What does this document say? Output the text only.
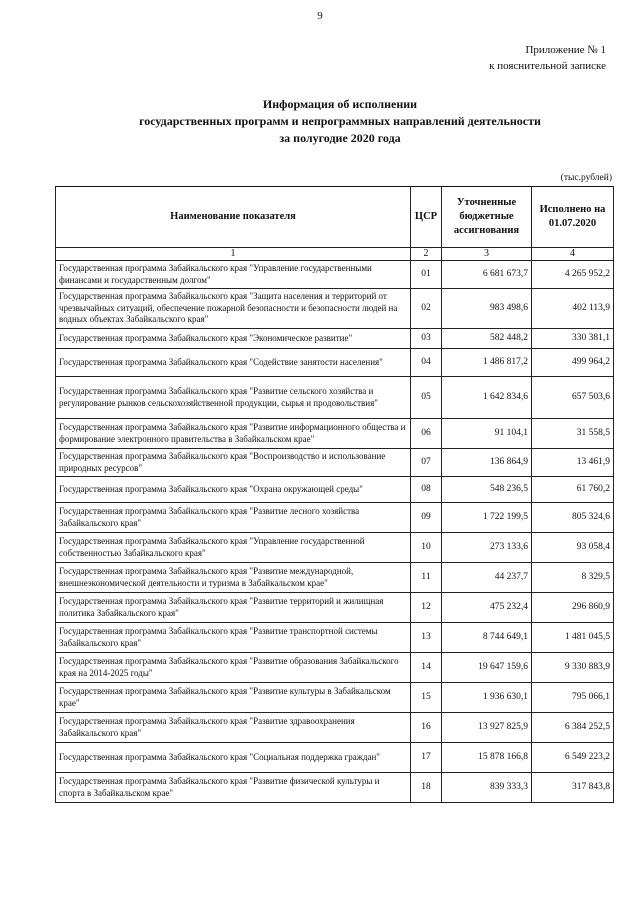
9
Приложение № 1
к пояснительной записке
Информация об исполнении
государственных программ и непрограммных направлений деятельности
за полугодие 2020 года
(тыс.рублей)
Наименование показателя	ЦСР	Уточненные бюджетные ассигнования	Исполнено на 01.07.2020
1	2	3	4
Государственная программа Забайкальского края "Управление государственными финансами и государственным долгом"	01	6 681 673,7	4 265 952,2
Государственная программа Забайкальского края "Защита населения и территорий от чрезвычайных ситуаций, обеспечение пожарной безопасности и безопасности людей на водных объектах Забайкальского края"	02	983 498,6	402 113,9
Государственная программа Забайкальского края "Экономическое развитие"	03	582 448,2	330 381,1
Государственная программа Забайкальского края "Содействие занятости населения"	04	1 486 817,2	499 964,2
Государственная программа Забайкальского края "Развитие сельского хозяйства и регулирование рынков сельскохозяйственной продукции, сырья и продовольствия"	05	1 642 834,6	657 503,6
Государственная программа Забайкальского края "Развитие информационного общества и формирование электронного правительства в Забайкальском крае"	06	91 104,1	31 558,5
Государственная программа Забайкальского края "Воспроизводство и использование природных ресурсов"	07	136 864,9	13 461,9
Государственная программа Забайкальского края "Охрана окружающей среды"	08	548 236,5	61 760,2
Государственная программа Забайкальского края "Развитие лесного хозяйства Забайкальского края"	09	1 722 199,5	805 324,6
Государственная программа Забайкальского края "Управление государственной собственностью Забайкальского края"	10	273 133,6	93 058,4
Государственная программа Забайкальского края "Развитие международной, внешнеэкономической деятельности и туризма в Забайкальском крае"	11	44 237,7	8 329,5
Государственная программа Забайкальского края "Развитие территорий и жилищная политика Забайкальского края"	12	475 232,4	296 860,9
Государственная программа Забайкальского края "Развитие транспортной системы Забайкальского края"	13	8 744 649,1	1 481 045,5
Государственная программа Забайкальского края "Развитие образования Забайкальского края на 2014-2025 годы"	14	19 647 159,6	9 330 883,9
Государственная программа Забайкальского края "Развитие культуры в Забайкальском крае"	15	1 936 630,1	795 066,1
Государственная программа Забайкальского края "Развитие здравоохранения Забайкальского края"	16	13 927 825,9	6 384 252,5
Государственная программа Забайкальского края "Социальная поддержка граждан"	17	15 878 166,8	6 549 223,2
Государственная программа Забайкальского края "Развитие физической культуры и спорта в Забайкальском крае"	18	839 333,3	317 843,8
